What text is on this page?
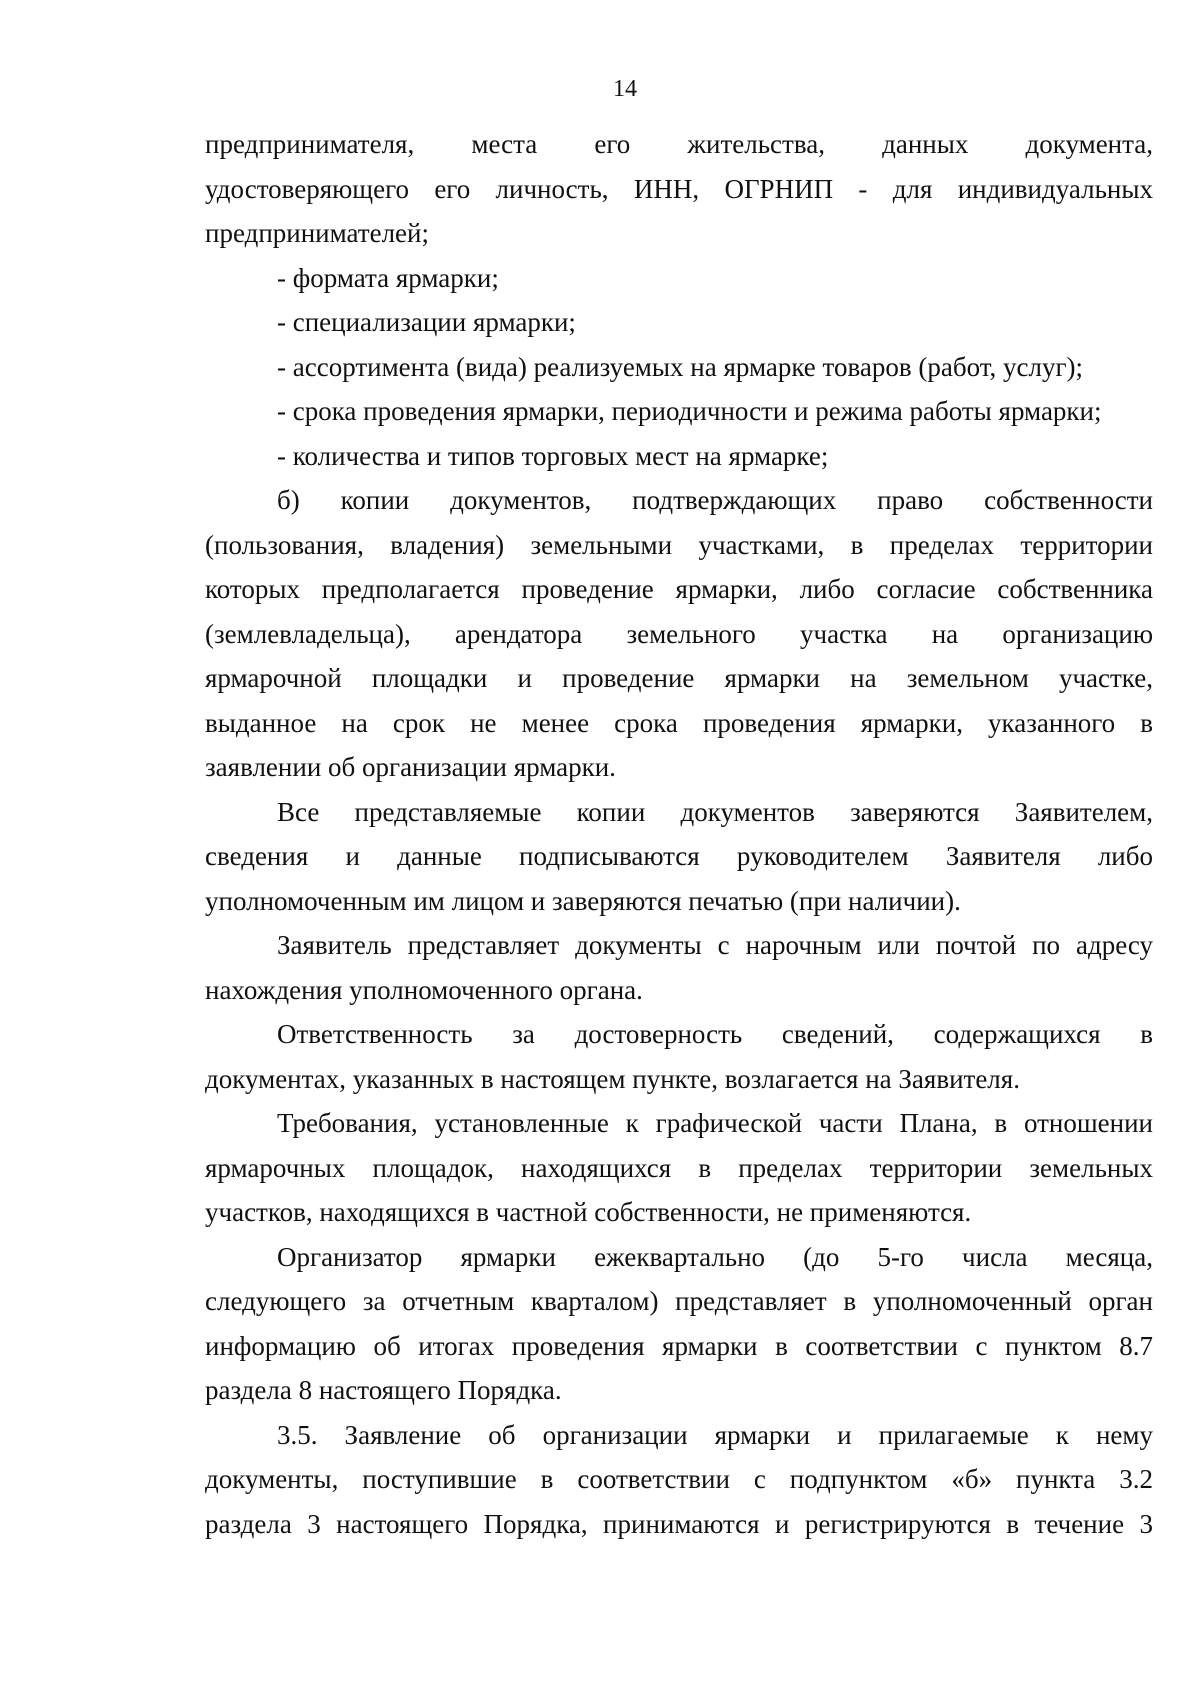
14
предпринимателя, места его жительства, данных документа,
удостоверяющего его личность, ИНН, ОГРНИП - для индивидуальных
предпринимателей;
- формата ярмарки;
- специализации ярмарки;
- ассортимента (вида) реализуемых на ярмарке товаров (работ, услуг);
- срока проведения ярмарки, периодичности и режима работы ярмарки;
- количества и типов торговых мест на ярмарке;
б) копии документов, подтверждающих право собственности
(пользования, владения) земельными участками, в пределах территории
которых предполагается проведение ярмарки, либо согласие собственника
(землевладельца), арендатора земельного участка на организацию
ярмарочной площадки и проведение ярмарки на земельном участке,
выданное на срок не менее срока проведения ярмарки, указанного в
заявлении об организации ярмарки.
Все представляемые копии документов заверяются Заявителем,
сведения и данные подписываются руководителем Заявителя либо
уполномоченным им лицом и заверяются печатью (при наличии).
Заявитель представляет документы с нарочным или почтой по адресу
нахождения уполномоченного органа.
Ответственность за достоверность сведений, содержащихся в
документах, указанных в настоящем пункте, возлагается на Заявителя.
Требования, установленные к графической части Плана, в отношении
ярмарочных площадок, находящихся в пределах территории земельных
участков, находящихся в частной собственности, не применяются.
Организатор ярмарки ежеквартально (до 5-го числа месяца,
следующего за отчетным кварталом) представляет в уполномоченный орган
информацию об итогах проведения ярмарки в соответствии с пунктом 8.7
раздела 8 настоящего Порядка.
3.5. Заявление об организации ярмарки и прилагаемые к нему
документы, поступившие в соответствии с подпунктом «б» пункта 3.2
раздела 3 настоящего Порядка, принимаются и регистрируются в течение 3
